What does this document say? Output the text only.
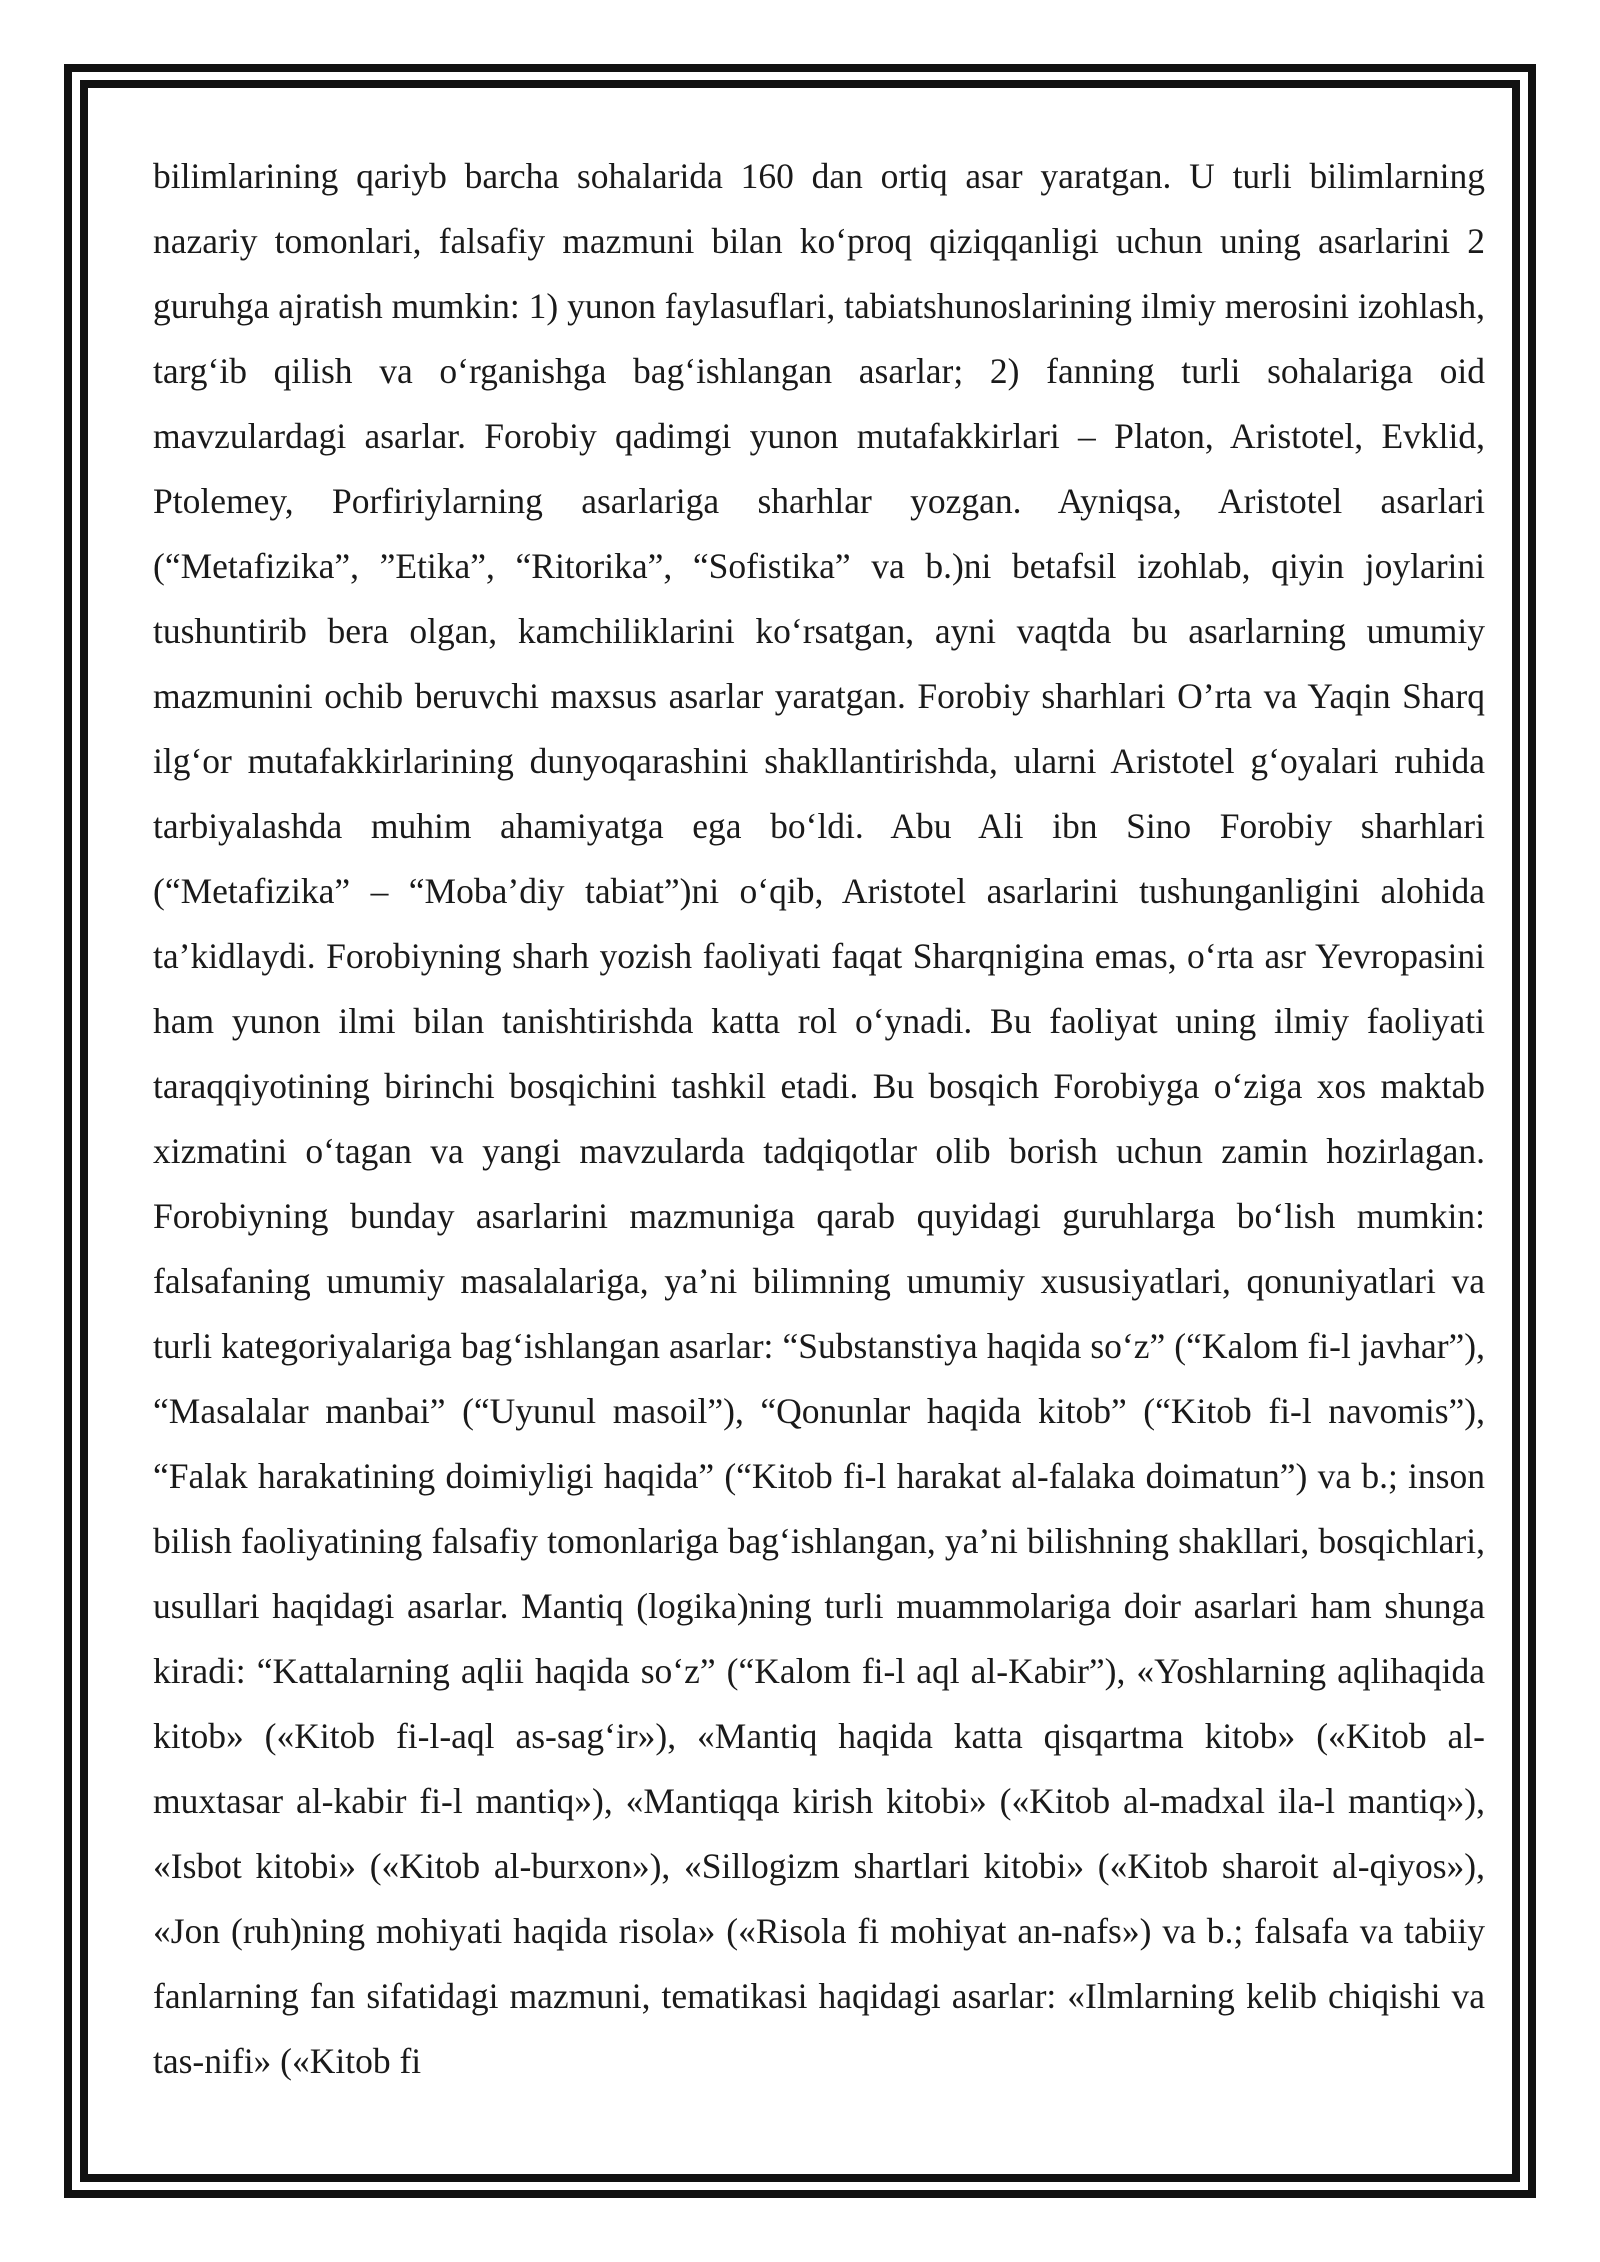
bilimlarining qariyb barcha sohalarida 160 dan ortiq asar yaratgan. U turli bilimlarning nazariy tomonlari, falsafiy mazmuni bilan ko‘proq qiziqqanligi uchun uning asarlarini 2 guruhga ajratish mumkin: 1) yunon faylasuflari, tabiatshunoslarining ilmiy merosini izohlash, targ‘ib qilish va o‘rganishga bag‘ishlangan asarlar; 2) fanning turli sohalariga oid mavzulardagi asarlar. Forobiy qadimgi yunon mutafakkirlari – Platon, Aristotel, Evklid, Ptolemey, Porfiriylarning asarlariga sharhlar yozgan. Ayniqsa, Aristotel asarlari (“Metafizika”, ”Etika”, “Ritorika”, “Sofistika” va b.)ni betafsil izohlab, qiyin joylarini tushuntirib bera olgan, kamchiliklarini ko‘rsatgan, ayni vaqtda bu asarlarning umumiy mazmunini ochib beruvchi maxsus asarlar yaratgan. Forobiy sharhlari O’rta va Yaqin Sharq ilg‘or mutafakkirlarining dunyoqarashini shakllantirishda, ularni Aristotel g‘oyalari ruhida tarbiyalashda muhim ahamiyatga ega bo‘ldi. Abu Ali ibn Sino Forobiy sharhlari (“Metafizika” – “Moba’diy tabiat”)ni o‘qib, Aristotel asarlarini tushunganligini alohida ta’kidlaydi. Forobiyning sharh yozish faoliyati faqat Sharqnigina emas, o‘rta asr Yevropasini ham yunon ilmi bilan tanishtirishda katta rol o‘ynadi. Bu faoliyat uning ilmiy faoliyati taraqqiyotining birinchi bosqichini tashkil etadi. Bu bosqich Forobiyga o‘ziga xos maktab xizmatini o‘tagan va yangi mavzularda tadqiqotlar olib borish uchun zamin hozirlagan. Forobiyning bunday asarlarini mazmuniga qarab quyidagi guruhlarga bo‘lish mumkin: falsafaning umumiy masalalariga, ya’ni bilimning umumiy xususiyatlari, qonuniyatlari va turli kategoriyalariga bag‘ishlangan asarlar: “Substanstiya haqida so‘z” (“Kalom fi-l javhar”), “Masalalar manbai” (“Uyunul masoil”), “Qonunlar haqida kitob” (“Kitob fi-l navomis”), “Falak harakatining doimiyligi haqida” (“Kitob fi-l harakat al-falaka doimatun”) va b.; inson bilish faoliyatining falsafiy tomonlariga bag‘ishlangan, ya’ni bilishning shakllari, bosqichlari, usullari haqidagi asarlar. Mantiq (logika)ning turli muammolariga doir asarlari ham shunga kiradi: “Kattalarning aqlii haqida so‘z” (“Kalom fi-l aql al-Kabir”), «Yoshlarning aqlihaqida kitob» («Kitob fi-l-aql as-sag‘ir»), «Mantiq haqida katta qisqartma kitob» («Kitob al-muxtasar al-kabir fi-l mantiq»), «Mantiqqa kirish kitobi» («Kitob al-madxal ila-l mantiq»), «Isbot kitobi» («Kitob al-burxon»), «Sillogizm shartlari kitobi» («Kitob sharoit al-qiyos»), «Jon (ruh)ning mohiyati haqida risola» («Risola fi mohiyat an-nafs») va b.; falsafa va tabiiy fanlarning fan sifatidagi mazmuni, tematikasi haqidagi asarlar: «Ilmlarning kelib chiqishi va tas-nifi» («Kitob fi
